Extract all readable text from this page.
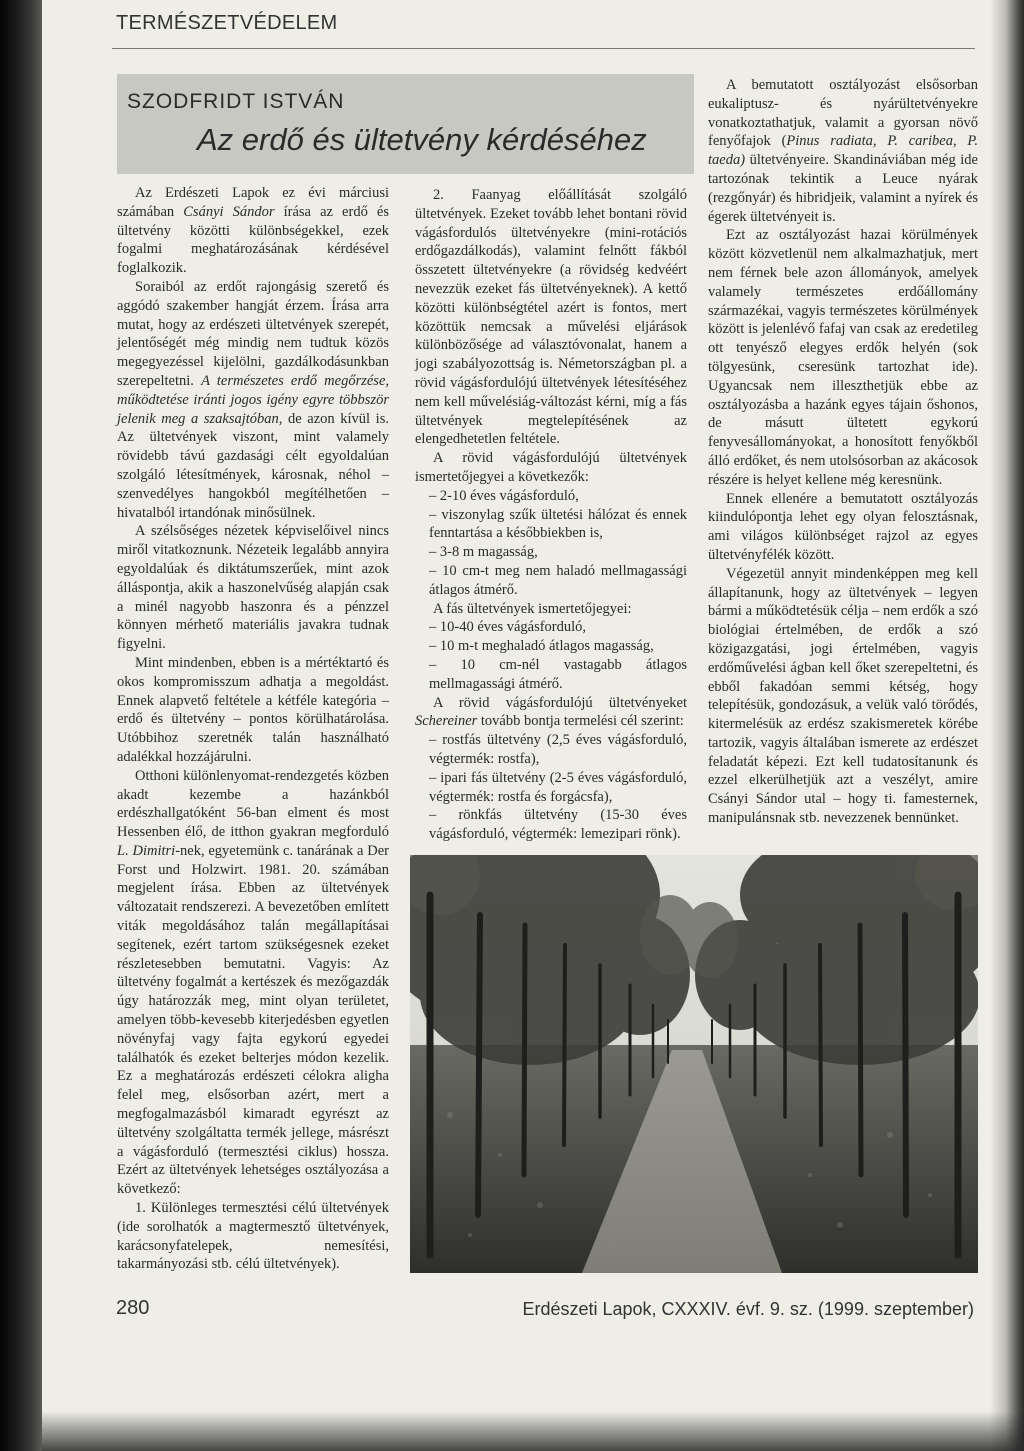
TERMÉSZETVÉDELEM
SZODFRIDT ISTVÁN
Az erdő és ültetvény kérdéséhez

Az Erdészeti Lapok ez évi márciusi számában Csányi Sándor írása az erdő és ültetvény közötti különbségekkel, ezek fogalmi meghatározásának kérdésével foglalkozik.

Soraiból az erdőt rajongásig szerető és aggódó szakember hangját érzem. Írása arra mutat, hogy az erdészeti ültetvények szerepét, jelentőségét még mindig nem tudtuk közös megegyezéssel kijelölni, gazdálkodásunkban szerepeltetni. A természetes erdő megőrzése, működtetése iránti jogos igény egyre többször jelenik meg a szaksajtóban, de azon kívül is. Az ültetvények viszont, mint valamely rövidebb távú gazdasági célt egyoldalúan szolgáló létesítmények, károsnak, néhol – szenvedélyes hangokból megítélhetően – hivatalból irtandónak minősülnek.

A szélsőséges nézetek képviselőivel nincs miről vitatkoznunk. Nézeteik legalább annyira egyoldalúak és diktátumszerűek, mint azok álláspontja, akik a haszonelvűség alapján csak a minél nagyobb haszonra és a pénzzel könnyen mérhető materiális javakra tudnak figyelni.

Mint mindenben, ebben is a mértéktartó és okos kompromisszum adhatja a megoldást. Ennek alapvető feltétele a kétféle kategória – erdő és ültetvény – pontos körülhatárolása. Utóbbihoz szeretnék talán használható adalékkal hozzájárulni.

Otthoni különlenyomat-rendezgetés közben akadt kezembe a hazánkból erdészhallgatóként 56-ban elment és most Hessenben élő, de itthon gyakran megforduló L. Dimitri-nek, egyetemünk c. tanárának a Der Forst und Holzwirt. 1981. 20. számában megjelent írása. Ebben az ültetvények változatait rendszerezi. A bevezetőben említett viták megoldásához talán megállapításai segítenek, ezért tartom szükségesnek ezeket részletesebben bemutatni. Vagyis: Az ültetvény fogalmát a kertészek és mezőgazdák úgy határozzák meg, mint olyan területet, amelyen több-kevesebb kiterjedésben egyetlen növényfaj vagy fajta egykorú egyedei találhatók és ezeket belterjes módon kezelik. Ez a meghatározás erdészeti célokra aligha felel meg, elsősorban azért, mert a megfogalmazásból kimaradt egyrészt az ültetvény szolgáltatta termék jellege, másrészt a vágásforduló (termesztési ciklus) hossza. Ezért az ültetvények lehetséges osztályozása a következő:

1. Különleges termesztési célú ültetvények (ide sorolhatók a magtermesztő ültetvények, karácsonyfatelepek, nemesítési, takarmányozási stb. célú ültetvények).

2. Faanyag előállítását szolgáló ültetvények. Ezeket tovább lehet bontani rövid vágásfordulós ültetvényekre (mini-rotációs erdőgazdálkodás), valamint felnőtt fákból összetett ültetvényekre (a rövidség kedvéért nevezzük ezeket fás ültetvényeknek). A kettő közötti különbségtétel azért is fontos, mert közöttük nemcsak a művelési eljárások különbözősége ad választóvonalat, hanem a jogi szabályozottság is. Németországban pl. a rövid vágásfordulójú ültetvények létesítéséhez nem kell művelésiág-változást kérni, míg a fás ültetvények megtelepítésének az elengedhetetlen feltétele.

A rövid vágásfordulójú ültetvények ismertetőjegyei a következők:

– 2-10 éves vágásforduló,

– viszonylag szűk ültetési hálózat és ennek fenntartása a későbbiekben is,

– 3-8 m magasság,

– 10 cm-t meg nem haladó mellmagassági átlagos átmérő.

A fás ültetvények ismertetőjegyei:

– 10-40 éves vágásforduló,

– 10 m-t meghaladó átlagos magasság,

– 10 cm-nél vastagabb átlagos mellmagassági átmérő.

A rövid vágásfordulójú ültetvényeket Schereiner tovább bontja termelési cél szerint:

– rostfás ültetvény (2,5 éves vágásforduló, végtermék: rostfa),

– ipari fás ültetvény (2-5 éves vágásforduló, végtermék: rostfa és forgácsfa),

– rönkfás ültetvény (15-30 éves vágásforduló, végtermék: lemezipari rönk).

A bemutatott osztályozást elsősorban eukaliptusz- és nyárültetvényekre vonatkoztathatjuk, valamit a gyorsan növő fenyőfajok (Pinus radiata, P. caribea, P. taeda) ültetvényeire. Skandináviában még ide tartozónak tekintik a Leuce nyárak (rezgőnyár) és hibridjeik, valamint a nyírek és égerek ültetvényeit is.

Ezt az osztályozást hazai körülmények között közvetlenül nem alkalmazhatjuk, mert nem férnek bele azon állományok, amelyek valamely természetes erdőállomány származékai, vagyis természetes körülmények között is jelenlévő fafaj van csak az eredetileg ott tenyésző elegyes erdők helyén (sok tölgyesünk, cseresünk tartozhat ide). Ugyancsak nem illeszthetjük ebbe az osztályozásba a hazánk egyes tájain őshonos, de másutt ültetett egykorú fenyvesállományokat, a honosított fenyőkből álló erdőket, és nem utolsósorban az akácosok részére is helyet kellene még keresnünk.

Ennek ellenére a bemutatott osztályozás kiindulópontja lehet egy olyan felosztásnak, ami világos különbséget rajzol az egyes ültetvényfélék között.

Végezetül annyit mindenképpen meg kell állapítanunk, hogy az ültetvények – legyen bármi a működtetésük célja – nem erdők a szó biológiai értelmében, de erdők a szó közigazgatási, jogi értelmében, vagyis erdőművelési ágban kell őket szerepeltetni, és ebből fakadóan semmi kétség, hogy telepítésük, gondozásuk, a velük való törődés, kitermelésük az erdész szakismeretek körébe tartozik, vagyis általában ismerete az erdészet feladatát képezi. Ezt kell tudatosítanunk és ezzel elkerülhetjük azt a veszélyt, amire Csányi Sándor utal – hogy ti. famesternek, manipulánsnak stb. nevezzenek bennünket.

280	Erdészeti Lapok, CXXXIV. évf. 9. sz. (1999. szeptember)
